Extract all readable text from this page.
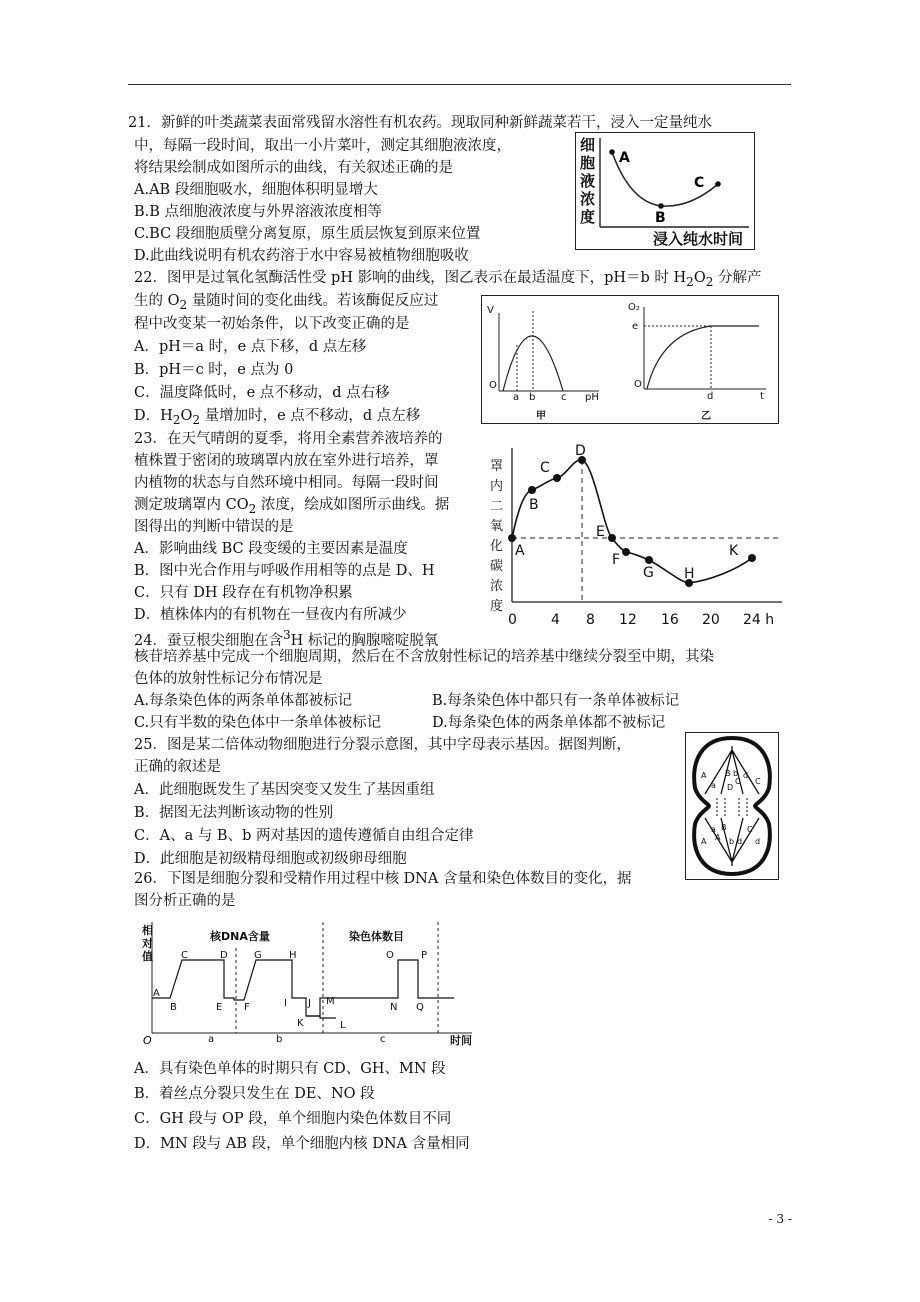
21．新鲜的叶类蔬菜表面常残留水溶性有机农药。现取同种新鲜蔬菜若干，浸入一定量纯水
中，每隔一段时间，取出一小片菜叶，测定其细胞液浓度，
将结果绘制成如图所示的曲线，有关叙述正确的是
A.AB 段细胞吸水，细胞体积明显增大
B.B 点细胞液浓度与外界溶液浓度相等
C.BC 段细胞质壁分离复原，原生质层恢复到原来位置
D.此曲线说明有机农药溶于水中容易被植物细胞吸收
细
胞
液
浓
度
浸入纯水时间
A
B
C
22．图甲是过氧化氢酶活性受 pH 影响的曲线，图乙表示在最适温度下，pH＝b 时 $H_2O_2$ 分解产
生的 $O_2$ 量随时间的变化曲线。若该酶促反应过
程中改变某一初始条件，以下改变正确的是
A．pH＝a 时，e 点下移，d 点左移
B．pH＝c 时，e 点为 0
C．温度降低时，e 点不移动，d 点右移
D．$H_2O_2$ 量增加时，e 点不移动，d 点左移
V
O
a b	c pH
甲
O₂
e
O
d	t
乙
23．在天气晴朗的夏季，将用全素营养液培养的
植株置于密闭的玻璃罩内放在室外进行培养，罩
内植物的状态与自然环境中相同。每隔一段时间
测定玻璃罩内 $CO_2$ 浓度，绘成如图所示曲线。据
图得出的判断中错误的是
A．影响曲线 BC 段变缓的主要因素是温度
B．图中光合作用与呼吸作用相等的点是 D、H
C．只有 DH 段存在有机物净积累
D．植株体内的有机物在一昼夜内有所减少
罩
内
二
氧
化
碳
浓
度
0 4 8 12 16 20 24 h
A
B
C
D
E
F
G H
K
24．蚕豆根尖细胞在含$^3$H 标记的胸腺嘧啶脱氧
核苷培养基中完成一个细胞周期，然后在不含放射性标记的培养基中继续分裂至中期，其染
色体的放射性标记分布情况是
A.每条染色体的两条单体都被标记	B.每条染色体中都只有一条单体被标记
C.只有半数的染色体中一条单体被标记	D.每条染色体的两条单体都不被标记
25．图是某二倍体动物细胞进行分裂示意图，其中字母表示基因。据图判断，
正确的叙述是
A．此细胞既发生了基因突变又发生了基因重组
B．据图无法判断该动物的性别
C．A、a 与 B、b 两对基因的遗传遵循自由组合定律
D．此细胞是初级精母细胞或初级卵母细胞
A
a
B b
C
D
d
C
A
a B
b
A d
C
d
26．下图是细胞分裂和受精作用过程中核 DNA 含量和染色体数目的变化，据
图分析正确的是
相
对
值
核DNA含量	染色体数目
时间
O
A
B
C	D
E F
G	H
I J
K	L
M
N
O	P
Q
a	b	c
A．具有染色单体的时期只有 CD、GH、MN 段
B．着丝点分裂只发生在 DE、NO 段
C．GH 段与 OP 段，单个细胞内染色体数目不同
D．MN 段与 AB 段，单个细胞内核 DNA 含量相同
- 3 -
